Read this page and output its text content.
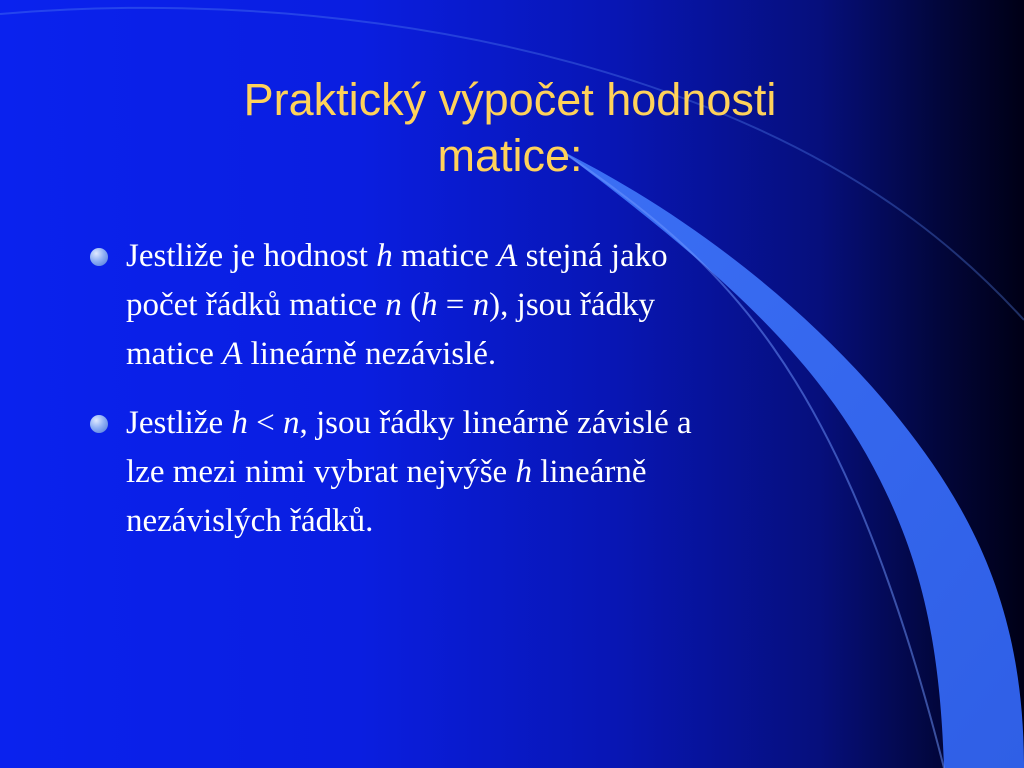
Praktický výpočet hodnosti
matice:
Jestliže je hodnost h matice A stejná jako
počet řádků matice n (h = n), jsou řádky
matice A lineárně nezávislé.
Jestliže h < n, jsou řádky lineárně závislé a
lze mezi nimi vybrat nejvýše h lineárně
nezávislých řádků.
